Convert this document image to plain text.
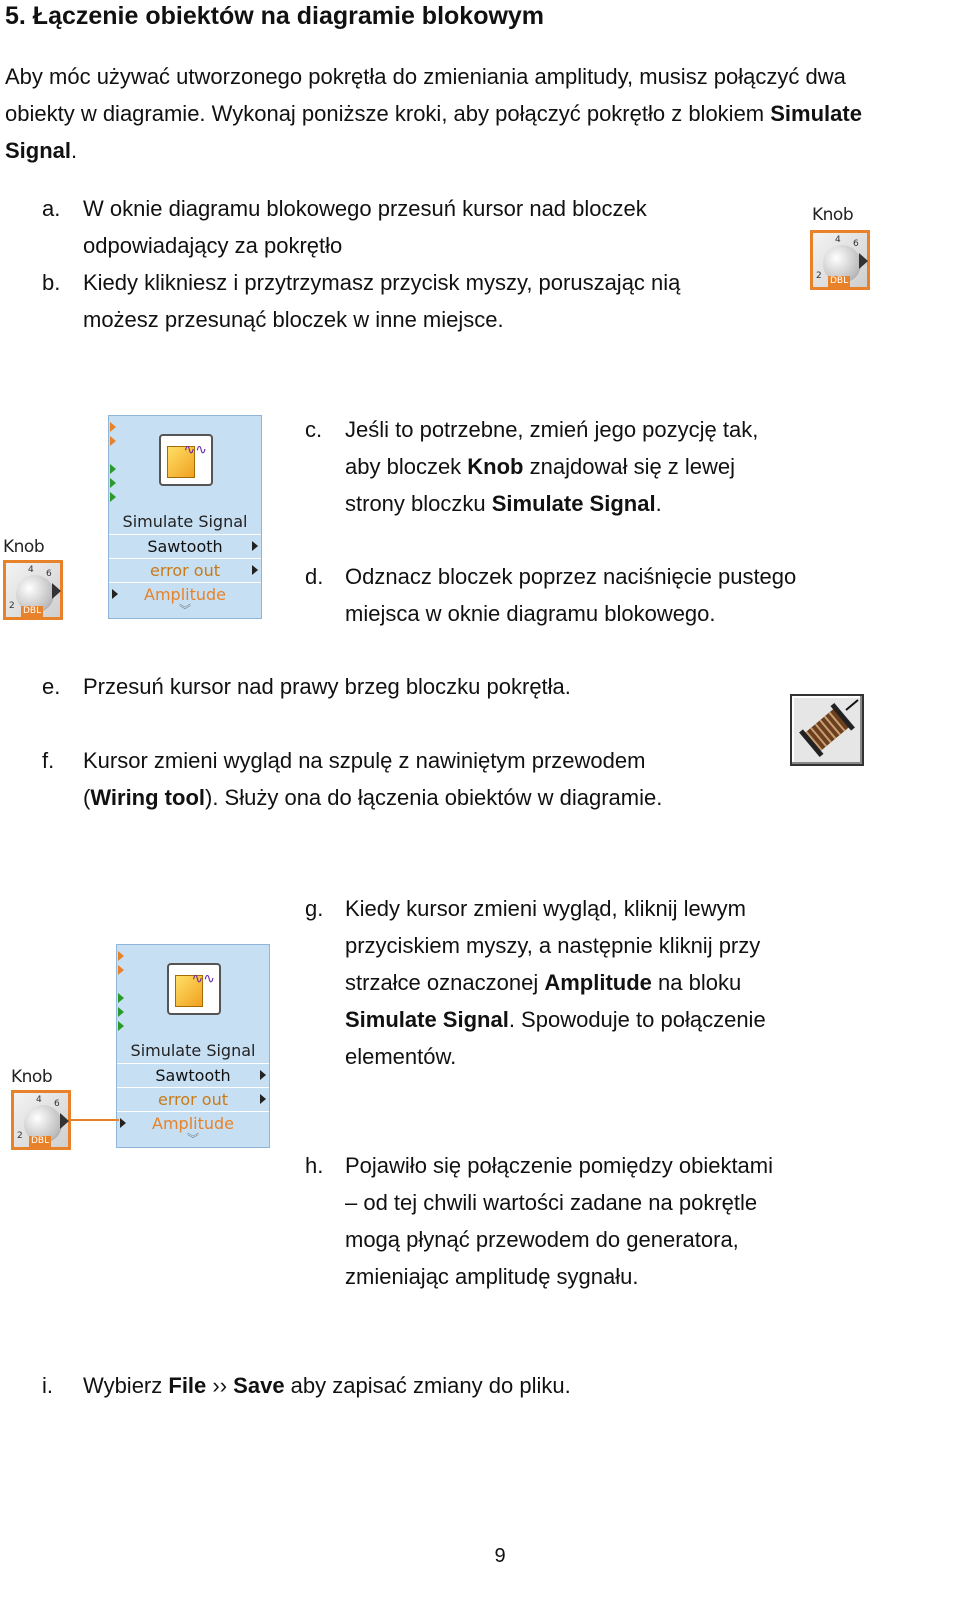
5. Łączenie obiektów na diagramie blokowym
Aby móc używać utworzonego pokrętła do zmieniania amplitudy, musisz połączyć dwa
obiekty w diagramie. Wykonaj poniższe kroki, aby połączyć pokrętło z blokiem Simulate
Signal.
a.	W oknie diagramu blokowego przesuń kursor nad bloczek
odpowiadający za pokrętło
b.	Kiedy klikniesz i przytrzymasz przycisk myszy, poruszając nią
możesz przesunąć bloczek w inne miejsce.
Knob
4 6
2 DBL
∿∿
Simulate Signal
Sawtooth
error out
Amplitude
︾
Knob
4 6
2 DBL
c.	Jeśli to potrzebne, zmień jego pozycję tak,
aby bloczek Knob znajdował się z lewej
strony bloczku Simulate Signal.
d. Odznacz bloczek poprzez naciśnięcie pustego
miejsca w oknie diagramu blokowego.
e.	Przesuń kursor nad prawy brzeg bloczku pokrętła.
f.	Kursor zmieni wygląd na szpulę z nawiniętym przewodem
(Wiring tool). Służy ona do łączenia obiektów w diagramie.
∿∿
Simulate Signal
Sawtooth
error out
Amplitude
︾
Knob
4 6
2 DBL
g. Kiedy kursor zmieni wygląd, kliknij lewym
przyciskiem myszy, a następnie kliknij przy
strzałce oznaczonej Amplitude na bloku
Simulate Signal. Spowoduje to połączenie
elementów.
h. Pojawiło się połączenie pomiędzy obiektami
– od tej chwili wartości zadane na pokrętle
mogą płynąć przewodem do generatora,
zmieniając amplitudę sygnału.
i.	Wybierz File ›› Save aby zapisać zmiany do pliku.
9
